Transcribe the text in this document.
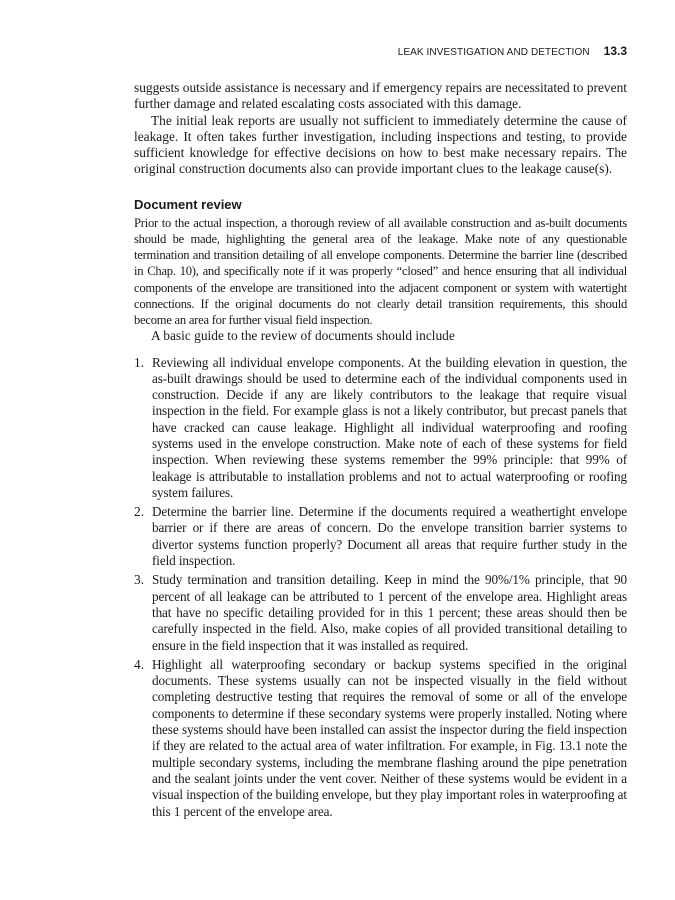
LEAK INVESTIGATION AND DETECTION 13.3

suggests outside assistance is necessary and if emergency repairs are necessitated to prevent further damage and related escalating costs associated with this damage.

The initial leak reports are usually not sufficient to immediately determine the cause of leakage. It often takes further investigation, including inspections and testing, to provide sufficient knowledge for effective decisions on how to best make necessary repairs. The original construction documents also can provide important clues to the leakage cause(s).

Document review

Prior to the actual inspection, a thorough review of all available construction and as-built documents should be made, highlighting the general area of the leakage. Make note of any questionable termination and transition detailing of all envelope components. Determine the barrier line (described in Chap. 10), and specifically note if it was properly “closed” and hence ensuring that all individual components of the envelope are transitioned into the adjacent component or system with watertight connections. If the original documents do not clearly detail transition requirements, this should become an area for further visual field inspection.

A basic guide to the review of documents should include

1. Reviewing all individual envelope components. At the building elevation in question, the as-built drawings should be used to determine each of the individual components used in construction. Decide if any are likely contributors to the leakage that require visual inspection in the field. For example glass is not a likely contributor, but precast panels that have cracked can cause leakage. Highlight all individual waterproofing and roofing systems used in the envelope construction. Make note of each of these systems for field inspection. When reviewing these systems remember the 99% principle: that 99% of leakage is attributable to installation problems and not to actual waterproofing or roofing system failures.
2. Determine the barrier line. Determine if the documents required a weathertight envelope barrier or if there are areas of concern. Do the envelope transition barrier systems to divertor systems function properly? Document all areas that require further study in the field inspection.
3. Study termination and transition detailing. Keep in mind the 90%/1% principle, that 90 percent of all leakage can be attributed to 1 percent of the envelope area. Highlight areas that have no specific detailing provided for in this 1 percent; these areas should then be carefully inspected in the field. Also, make copies of all provided transitional detailing to ensure in the field inspection that it was installed as required.
4. Highlight all waterproofing secondary or backup systems specified in the original documents. These systems usually can not be inspected visually in the field without completing destructive testing that requires the removal of some or all of the envelope components to determine if these secondary systems were properly installed. Noting where these systems should have been installed can assist the inspector during the field inspection if they are related to the actual area of water infiltration. For example, in Fig. 13.1 note the multiple secondary systems, including the membrane flashing around the pipe penetration and the sealant joints under the vent cover. Neither of these systems would be evident in a visual inspection of the building envelope, but they play important roles in waterproofing at this 1 percent of the envelope area.
